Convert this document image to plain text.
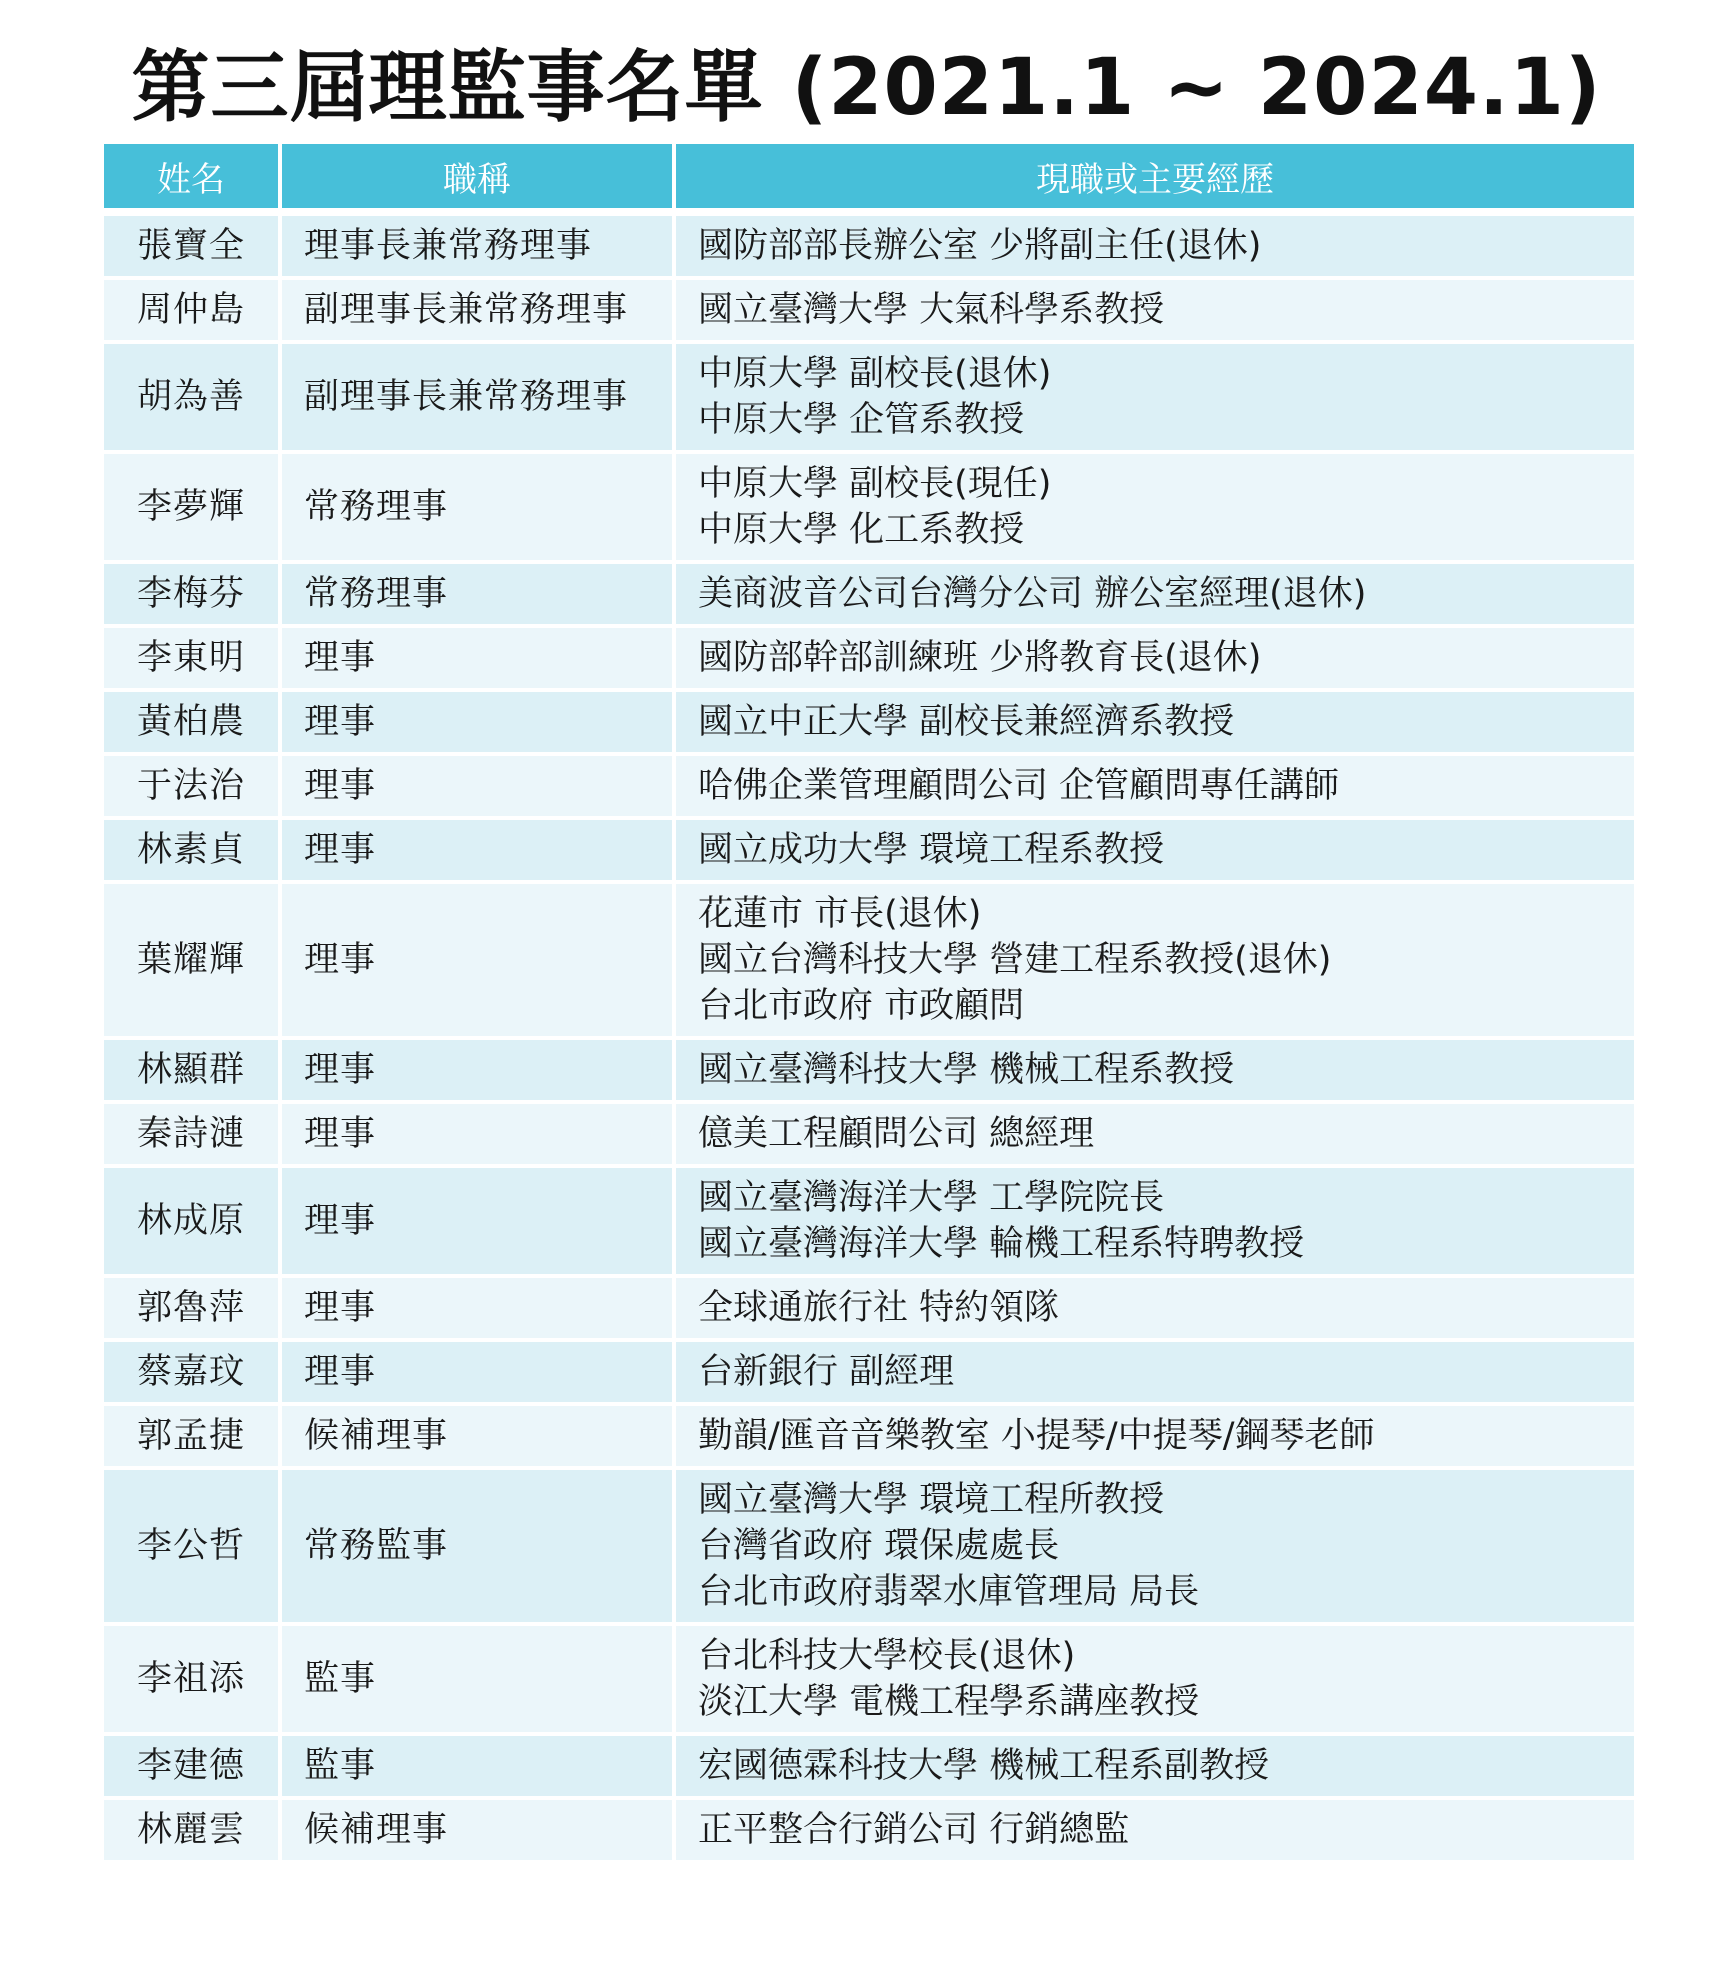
第三屆理監事名單 (2021.1 ~ 2024.1)
姓名	職稱	現職或主要經歷
張寶全	理事長兼常務理事	國防部部長辦公室 少將副主任(退休)

周仲島	副理事長兼常務理事	國立臺灣大學 大氣科學系教授

胡為善	副理事長兼常務理事	中原大學 副校長(退休)
中原大學 企管系教授

李夢輝	常務理事	中原大學 副校長(現任)
中原大學 化工系教授

李梅芬	常務理事	美商波音公司台灣分公司 辦公室經理(退休)

李東明	理事	國防部幹部訓練班 少將教育長(退休)

黃柏農	理事	國立中正大學 副校長兼經濟系教授

于法治	理事	哈佛企業管理顧問公司 企管顧問專任講師

林素貞	理事	國立成功大學 環境工程系教授

葉耀輝	理事	花蓮市 市長(退休)
國立台灣科技大學 營建工程系教授(退休)
台北市政府 市政顧問

林顯群	理事	國立臺灣科技大學 機械工程系教授

秦詩漣	理事	億美工程顧問公司 總經理

林成原	理事	國立臺灣海洋大學 工學院院長
國立臺灣海洋大學 輪機工程系特聘教授

郭魯萍	理事	全球通旅行社 特約領隊

蔡嘉玟	理事	台新銀行 副經理

郭孟捷	候補理事	勤韻/匯音音樂教室 小提琴/中提琴/鋼琴老師

李公哲	常務監事	國立臺灣大學 環境工程所教授
台灣省政府 環保處處長
台北市政府翡翠水庫管理局 局長

李祖添	監事	台北科技大學校長(退休)
淡江大學 電機工程學系講座教授

李建德	監事	宏國德霖科技大學 機械工程系副教授

林麗雲	候補理事	正平整合行銷公司 行銷總監
